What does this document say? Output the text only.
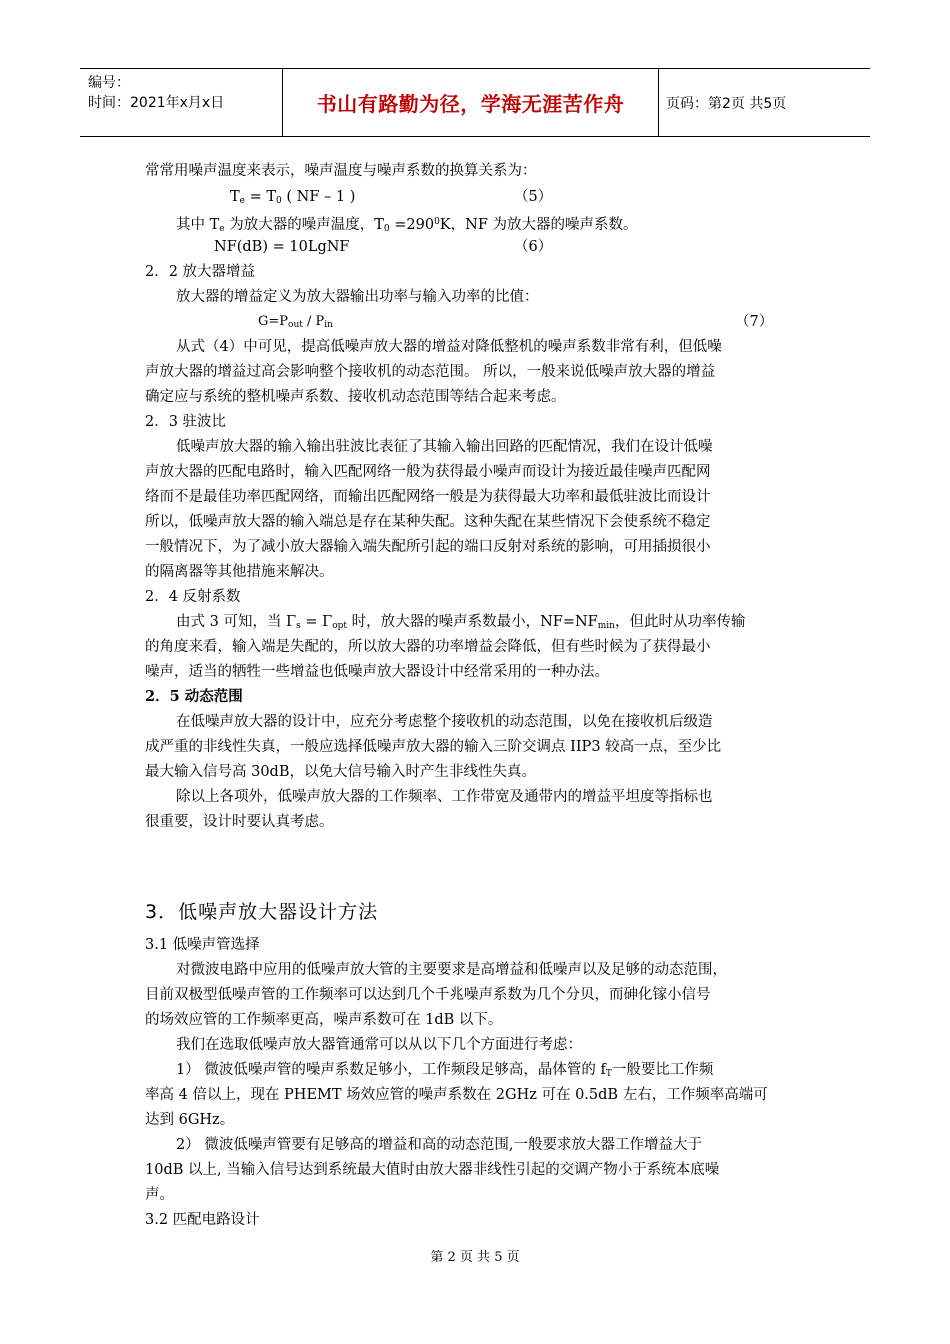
编号：
时间：2021年x月x日	书山有路勤为径，学海无涯苦作舟	页码：第2页 共5页
常常用噪声温度来表示，噪声温度与噪声系数的换算关系为：
$T_e = T_0$ ( NF – 1 )	（5）
其中 $T_e$ 为放大器的噪声温度，$T_0 =290^0K$，NF 为放大器的噪声系数。
NF(dB) = 10LgNF	（6）
2．2 放大器增益
放大器的增益定义为放大器输出功率与输入功率的比值：
$G=P_{out} / P_{in}$	（7）
从式（4）中可见，提高低噪声放大器的增益对降低整机的噪声系数非常有利，但低噪
声放大器的增益过高会影响整个接收机的动态范围。 所以，一般来说低噪声放大器的增益
确定应与系统的整机噪声系数、接收机动态范围等结合起来考虑。
2．3 驻波比
低噪声放大器的输入输出驻波比表征了其输入输出回路的匹配情况，我们在设计低噪
声放大器的匹配电路时，输入匹配网络一般为获得最小噪声而设计为接近最佳噪声匹配网
络而不是最佳功率匹配网络，而输出匹配网络一般是为获得最大功率和最低驻波比而设计
所以，低噪声放大器的输入端总是存在某种失配。这种失配在某些情况下会使系统不稳定
一般情况下，为了减小放大器输入端失配所引起的端口反射对系统的影响，可用插损很小
的隔离器等其他措施来解决。
2．4 反射系数
由式 3 可知，当 $\Gamma_s = \Gamma_{opt}$ 时，放大器的噪声系数最小，$NF=NF_{min}$，但此时从功率传输
的角度来看，输入端是失配的，所以放大器的功率增益会降低，但有些时候为了获得最小
噪声，适当的牺牲一些增益也低噪声放大器设计中经常采用的一种办法。
2．5 动态范围
在低噪声放大器的设计中，应充分考虑整个接收机的动态范围，以免在接收机后级造
成严重的非线性失真，一般应选择低噪声放大器的输入三阶交调点 IIP3 较高一点，至少比
最大输入信号高 30dB，以免大信号输入时产生非线性失真。
除以上各项外，低噪声放大器的工作频率、工作带宽及通带内的增益平坦度等指标也
很重要，设计时要认真考虑。
3．低噪声放大器设计方法
3.1 低噪声管选择
对微波电路中应用的低噪声放大管的主要要求是高增益和低噪声以及足够的动态范围，
目前双极型低噪声管的工作频率可以达到几个千兆噪声系数为几个分贝，而砷化镓小信号
的场效应管的工作频率更高，噪声系数可在 1dB 以下。
我们在选取低噪声放大器管通常可以从以下几个方面进行考虑：
1） 微波低噪声管的噪声系数足够小，工作频段足够高，晶体管的 $f_T$一般要比工作频
率高 4 倍以上，现在 PHEMT 场效应管的噪声系数在 2GHz 可在 0.5dB 左右，工作频率高端可
达到 6GHz。
2） 微波低噪声管要有足够高的增益和高的动态范围,一般要求放大器工作增益大于
10dB 以上, 当输入信号达到系统最大值时由放大器非线性引起的交调产物小于系统本底噪
声。
3.2 匹配电路设计
第 2 页 共 5 页
